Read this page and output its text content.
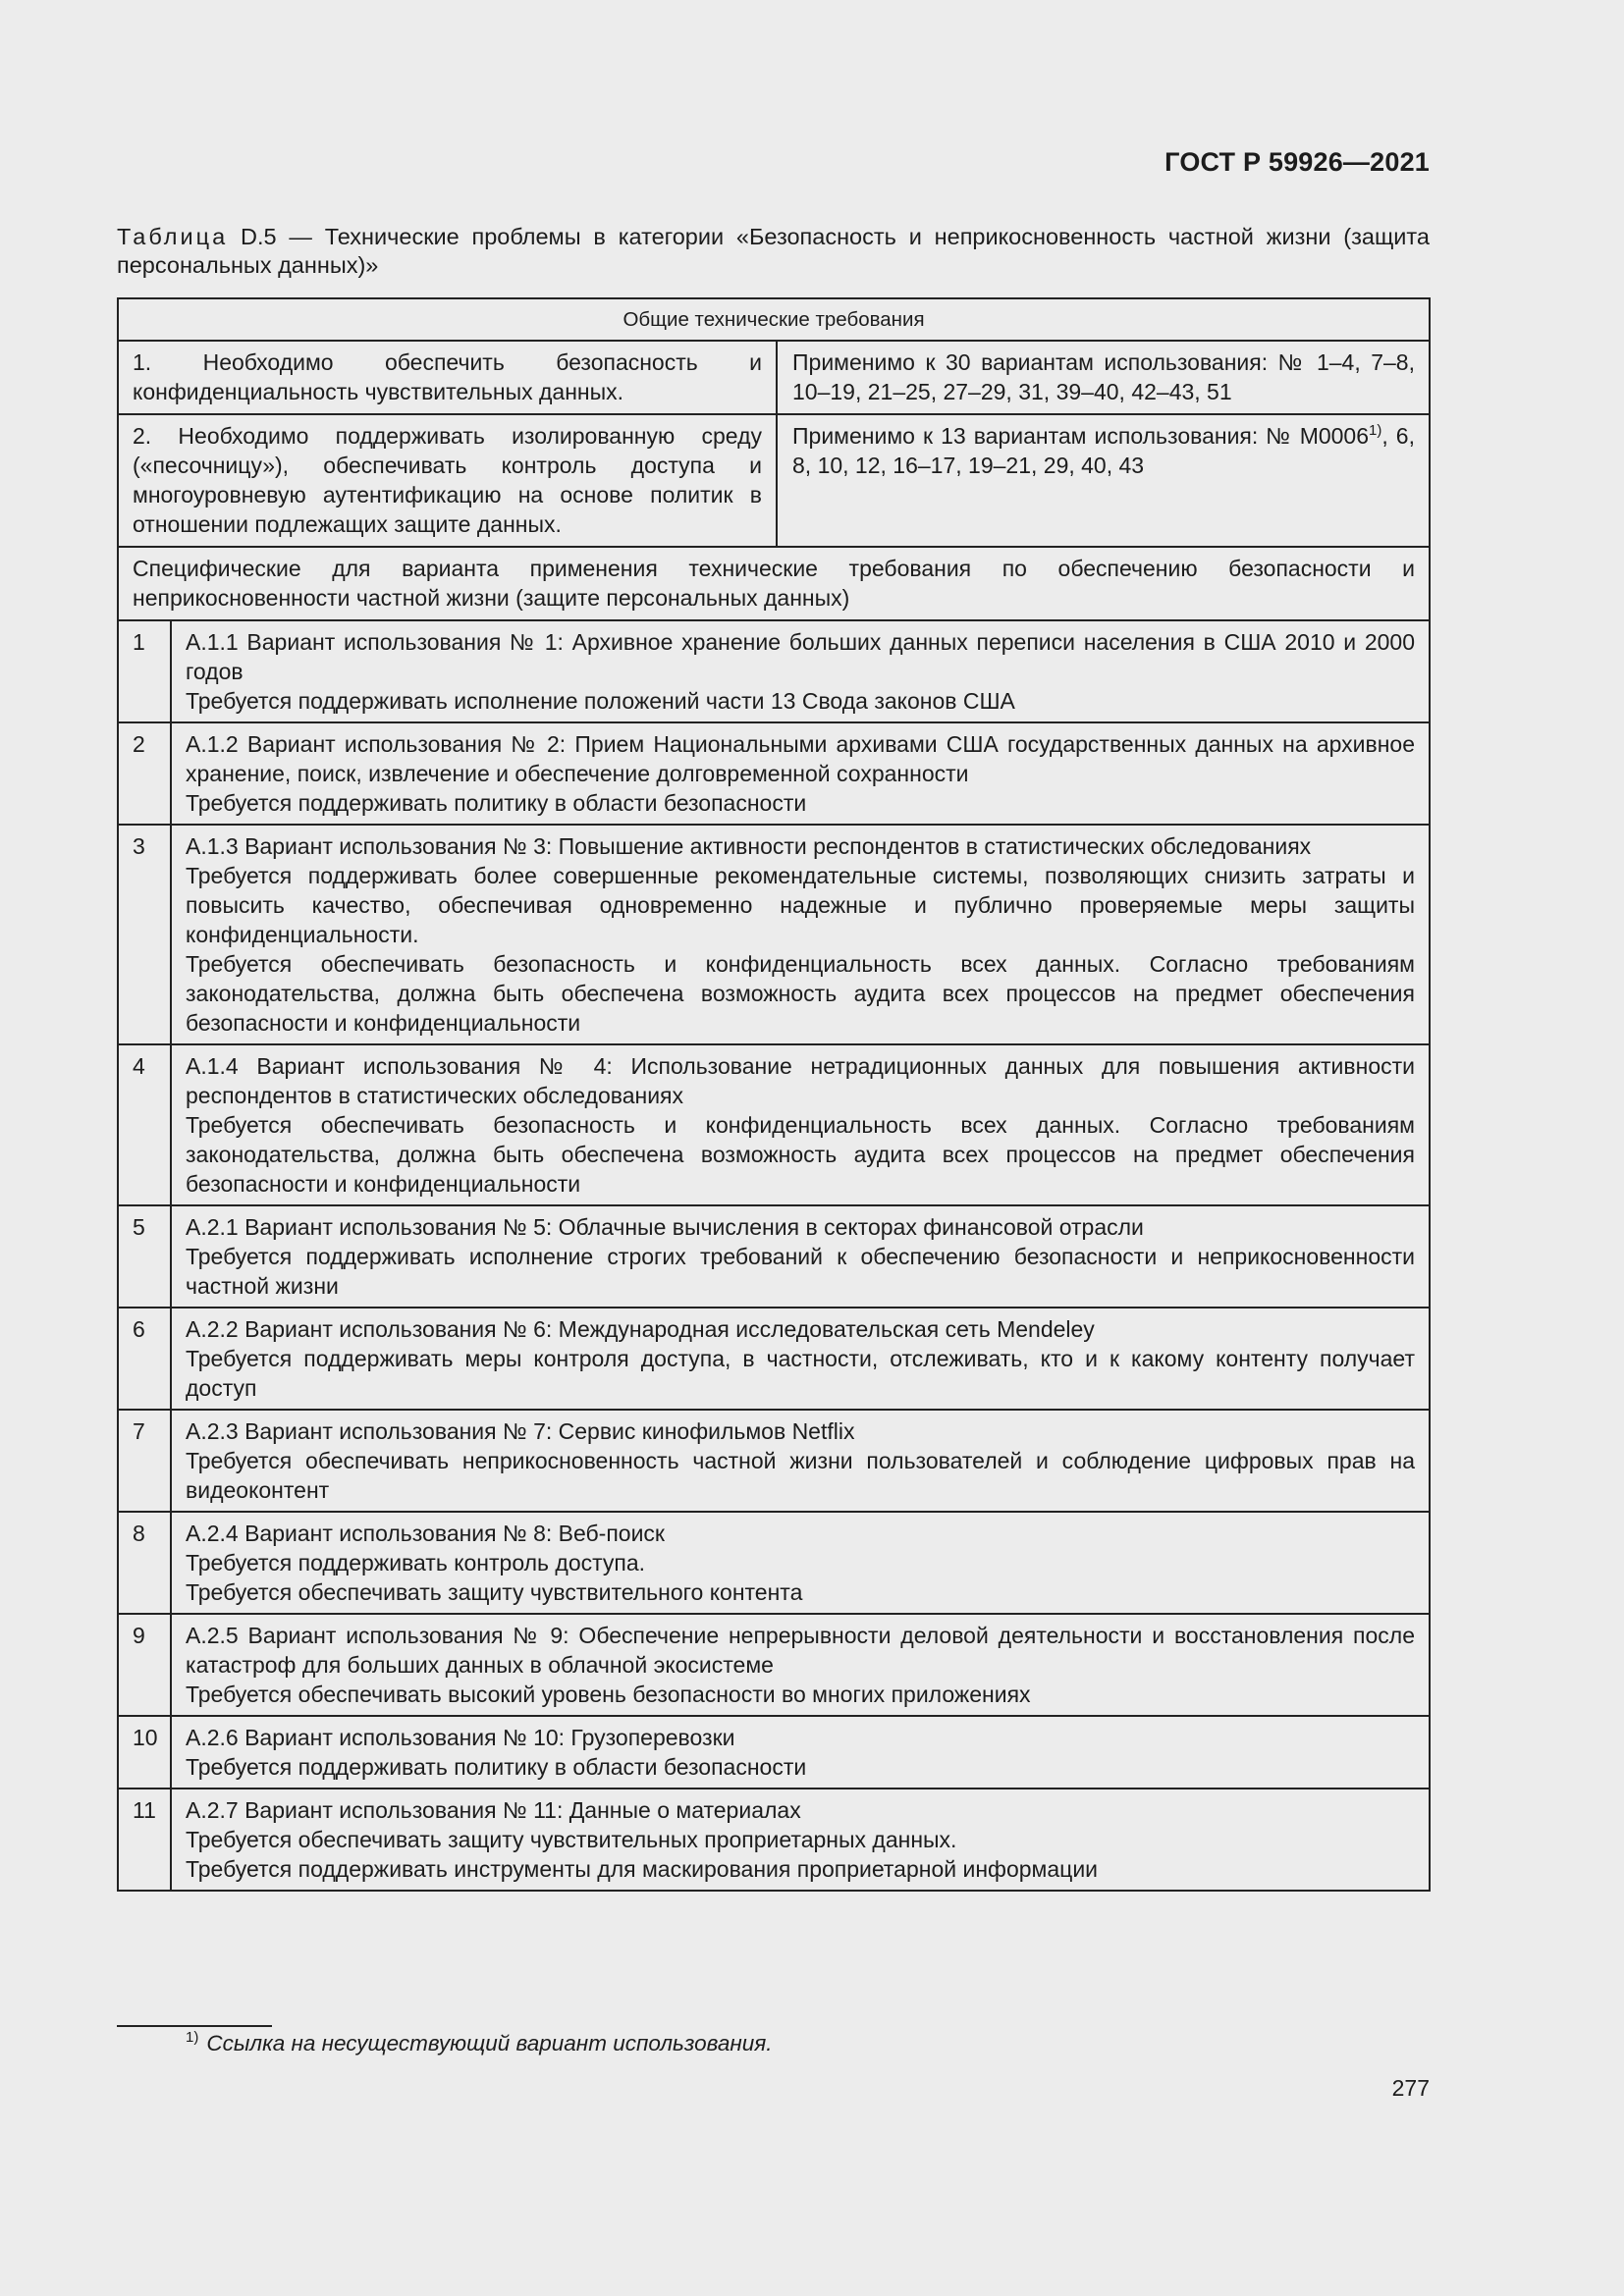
ГОСТ Р 59926—2021
Таблица D.5 — Технические проблемы в категории «Безопасность и неприкосновенность частной жизни (защита персональных данных)»
Общие технические требования		
1. Необходимо обеспечить безопасность и конфиденциальность чувствительных данных.		Применимо к 30 вариантам использования: № 1–4, 7–8, 10–19, 21–25, 27–29, 31, 39–40, 42–43, 51
2. Необходимо поддерживать изолированную среду («песочницу»), обеспечивать контроль доступа и многоуровневую аутентификацию на основе политик в отношении подлежащих защите данных.		Применимо к 13 вариантам использования: № M0006$^{1)}$, 6, 8, 10, 12, 16–17, 19–21, 29, 40, 43
Специфические для варианта применения технические требования по обеспечению безопасности и неприкосновенности частной жизни (защите персональных данных)		
1	А.1.1 Вариант использования № 1: Архивное хранение больших данных переписи населения в США 2010 и 2000 годов
Требуется поддерживать исполнение положений части 13 Свода законов США	

2	А.1.2 Вариант использования № 2: Прием Национальными архивами США государственных данных на архивное хранение, поиск, извлечение и обеспечение долговременной сохранности
Требуется поддерживать политику в области безопасности	

3	А.1.3 Вариант использования № 3: Повышение активности респондентов в статистических обследованиях
Требуется поддерживать более совершенные рекомендательные системы, позволяющих снизить затраты и повысить качество, обеспечивая одновременно надежные и публично проверяемые меры защиты конфиденциальности.
Требуется обеспечивать безопасность и конфиденциальность всех данных. Согласно требованиям законодательства, должна быть обеспечена возможность аудита всех процессов на предмет обеспечения безопасности и конфиденциальности	

4	А.1.4 Вариант использования № 4: Использование нетрадиционных данных для повышения активности респондентов в статистических обследованиях
Требуется обеспечивать безопасность и конфиденциальность всех данных. Согласно требованиям законодательства, должна быть обеспечена возможность аудита всех процессов на предмет обеспечения безопасности и конфиденциальности	

5	А.2.1 Вариант использования № 5: Облачные вычисления в секторах финансовой отрасли
Требуется поддерживать исполнение строгих требований к обеспечению безопасности и неприкосновенности частной жизни	

6	А.2.2 Вариант использования № 6: Международная исследовательская сеть Mendeley
Требуется поддерживать меры контроля доступа, в частности, отслеживать, кто и к какому контенту получает доступ	

7	А.2.3 Вариант использования № 7: Сервис кинофильмов Netflix
Требуется обеспечивать неприкосновенность частной жизни пользователей и соблюдение цифровых прав на видеоконтент	

8	А.2.4 Вариант использования № 8: Веб-поиск
Требуется поддерживать контроль доступа.
Требуется обеспечивать защиту чувствительного контента	

9	А.2.5 Вариант использования № 9: Обеспечение непрерывности деловой деятельности и восстановления после катастроф для больших данных в облачной экосистеме
Требуется обеспечивать высокий уровень безопасности во многих приложениях	

10	А.2.6 Вариант использования № 10: Грузоперевозки
Требуется поддерживать политику в области безопасности	

11	А.2.7 Вариант использования № 11: Данные о материалах
Требуется обеспечивать защиту чувствительных проприетарных данных.
Требуется поддерживать инструменты для маскирования проприетарной информации	
$^{1)}$ Ссылка на несуществующий вариант использования.
277
